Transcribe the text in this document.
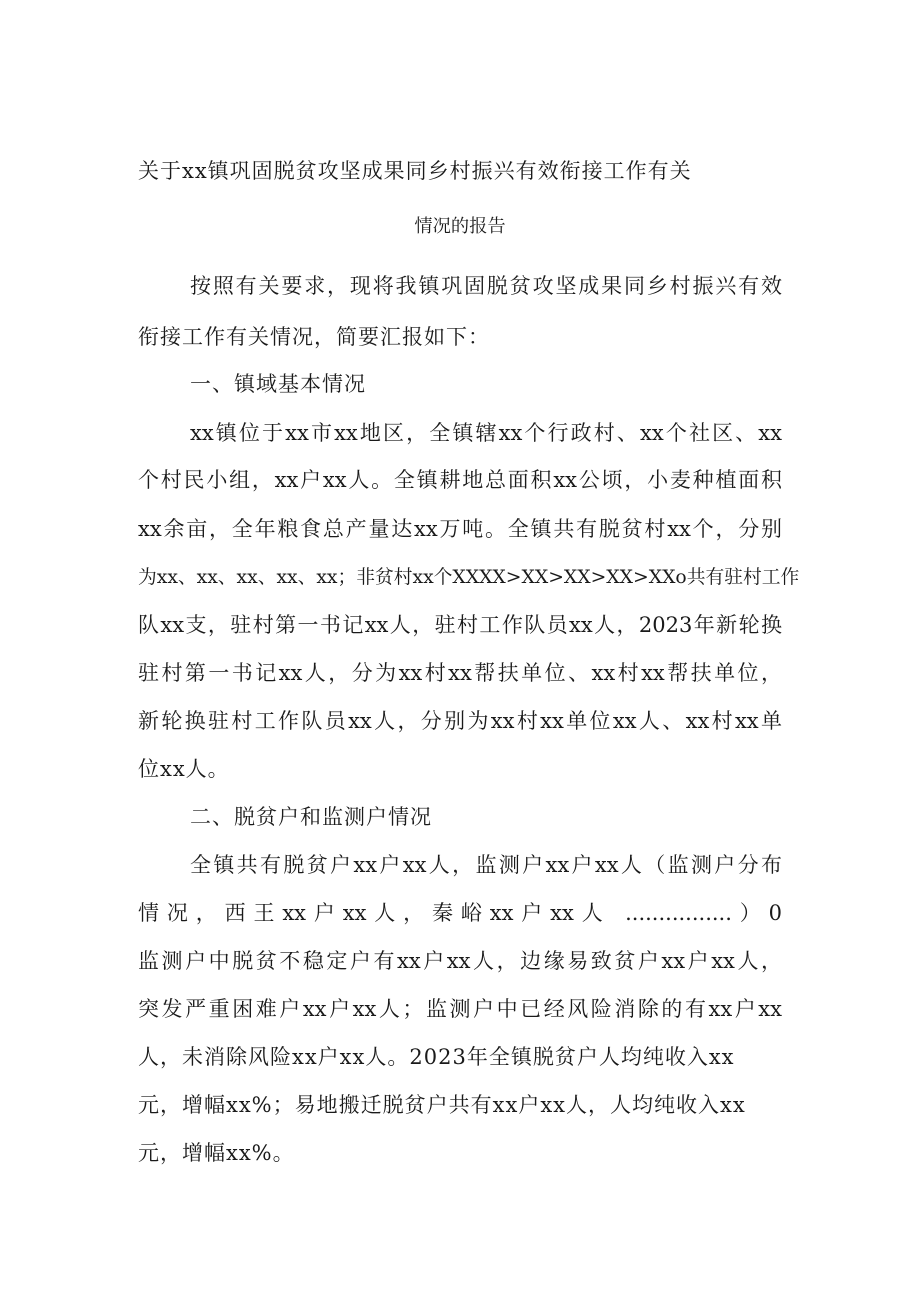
关于xx镇巩固脱贫攻坚成果同乡村振兴有效衔接工作有关
情况的报告
按照有关要求，现将我镇巩固脱贫攻坚成果同乡村振兴有效
衔接工作有关情况，简要汇报如下：
一、镇域基本情况
xx镇位于xx市xx地区，全镇辖xx个行政村、xx个社区、xx
个村民小组，xx户xx人。全镇耕地总面积xx公顷，小麦种植面积
xx余亩，全年粮食总产量达xx万吨。全镇共有脱贫村xx个，分别
为xx、xx、xx、xx、xx；非贫村xx个XXXX>XX>XX>XX>XXo共有驻村工作
队xx支，驻村第一书记xx人，驻村工作队员xx人，2023年新轮换
驻村第一书记xx人，分为xx村xx帮扶单位、xx村xx帮扶单位，
新轮换驻村工作队员xx人，分别为xx村xx单位xx人、xx村xx单
位xx人。
二、脱贫户和监测户情况
全镇共有脱贫户xx户xx人，监测户xx户xx人（监测户分布
情况，西王xx户xx人，秦峪xx户xx人 ................）0
监测户中脱贫不稳定户有xx户xx人，边缘易致贫户xx户xx人，
突发严重困难户xx户xx人；监测户中已经风险消除的有xx户xx
人，未消除风险xx户xx人。2023年全镇脱贫户人均纯收入xx
元，增幅xx%；易地搬迁脱贫户共有xx户xx人，人均纯收入xx
元，增幅xx%。
